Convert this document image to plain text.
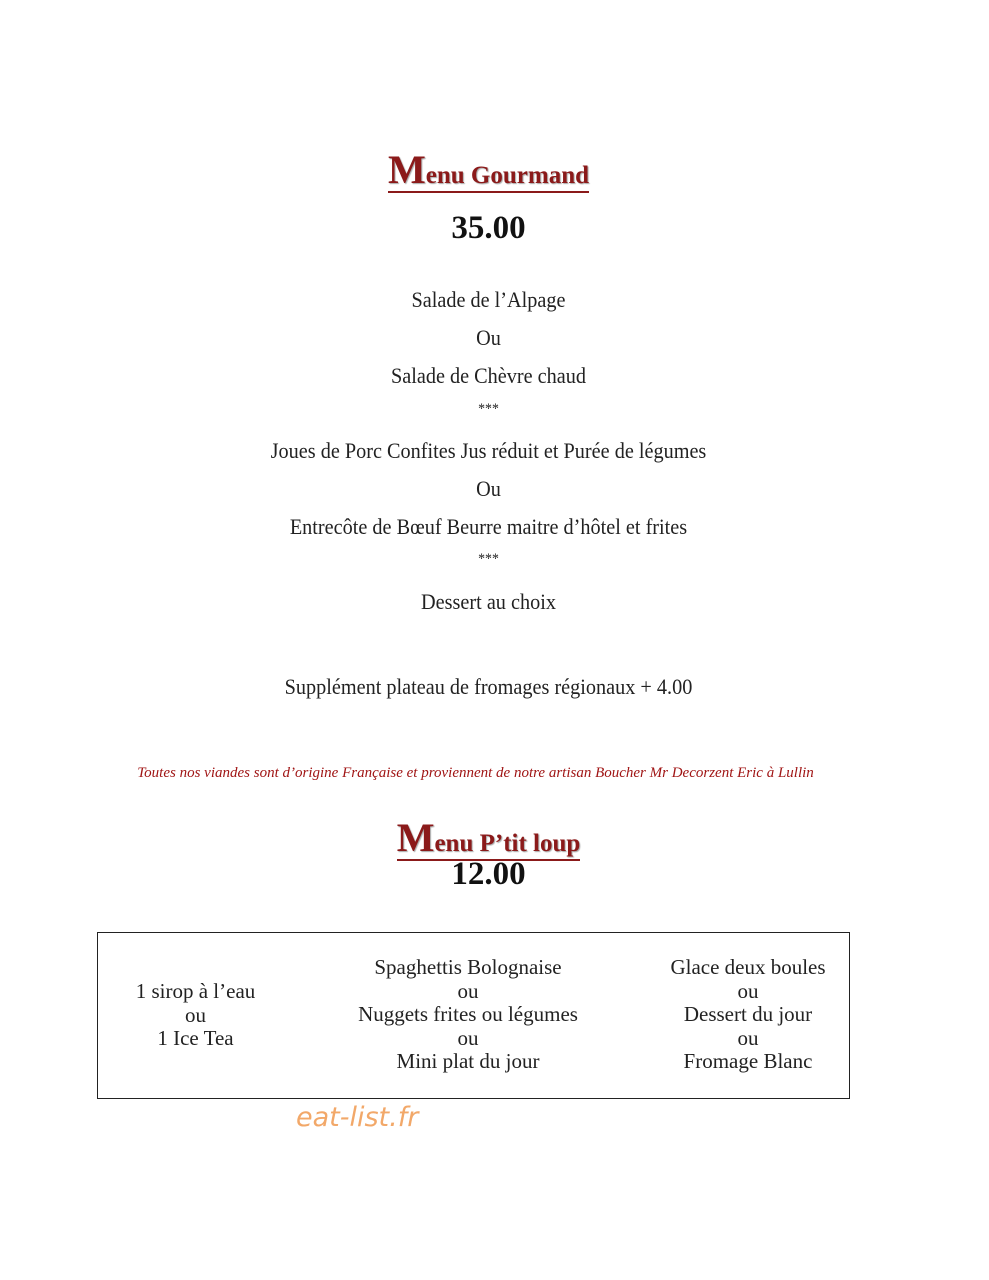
Menu Gourmand
35.00
Salade de l’Alpage
Ou
Salade de Chèvre chaud
***
Joues de Porc Confites Jus réduit et Purée de légumes
Ou
Entrecôte de Bœuf Beurre maitre d’hôtel et frites
***
Dessert au choix
Supplément plateau de fromages régionaux + 4.00
Toutes nos viandes sont d’origine Française et proviennent de notre artisan Boucher Mr Decorzent Eric à Lullin
Menu P’tit loup
12.00
1 sirop à l’eau
ou
1 Ice Tea
Spaghettis Bolognaise
ou
Nuggets frites ou légumes
ou
Mini plat du jour
Glace deux boules
ou
Dessert du jour
ou
Fromage Blanc
eat-list.fr
